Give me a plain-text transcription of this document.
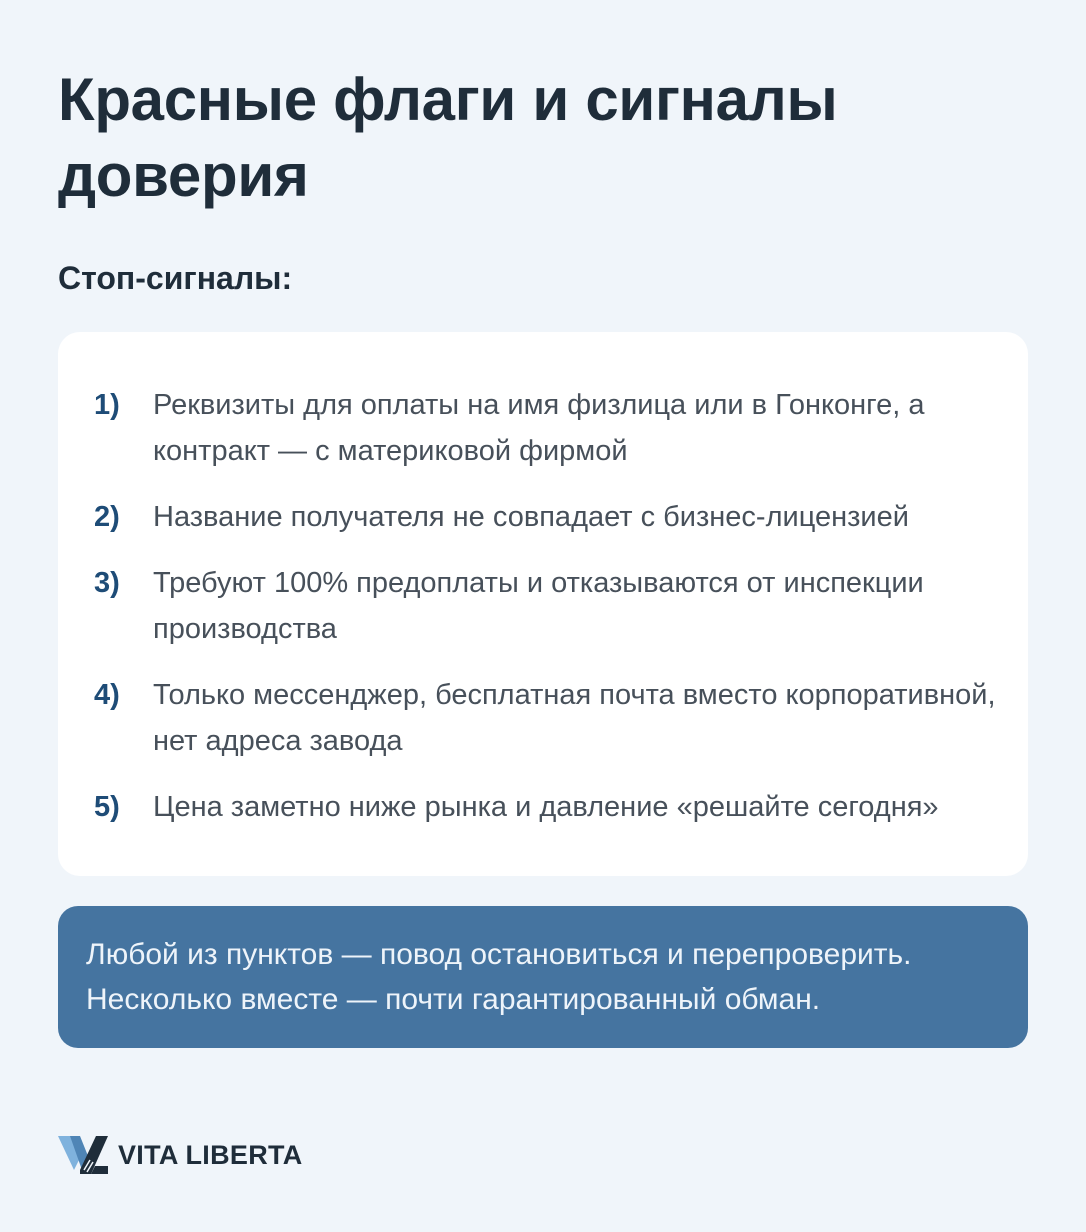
Красные флаги и сигналы доверия
Стоп-сигналы:
1)	Реквизиты для оплаты на имя физлица или в Гонконге, а контракт — с материковой фирмой
2)	Название получателя не совпадает с бизнес-лицензией
3)	Требуют 100% предоплаты и отказываются от инспекции производства
4)	Только мессенджер, бесплатная почта вместо корпоративной, нет адреса завода
5)	Цена заметно ниже рынка и давление «решайте сегодня»
Любой из пунктов — повод остановиться и перепроверить.
Несколько вместе — почти гарантированный обман.
VITA LIBERTA
